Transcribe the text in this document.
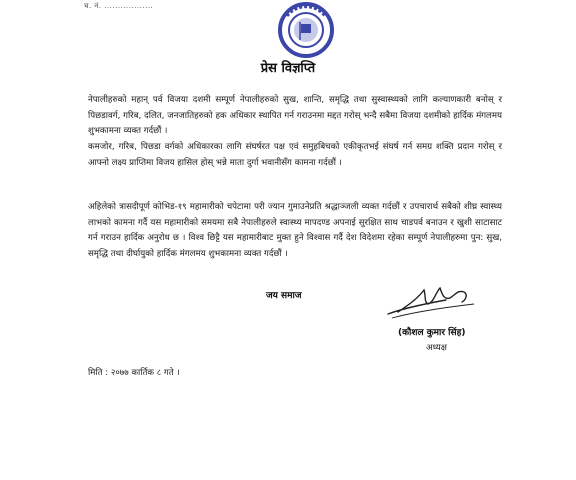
च. नं. ..................
प्रेस विज्ञप्ति
नेपालीहरुको महान् पर्व विजया दशमी सम्पूर्ण नेपालीहरुको सुख, शान्ति, समृद्धि तथा सुस्वास्थ्यको लागि कल्याणकारी बनोस् र पिछडावर्ग, गरिब, दलित, जनजातिहरुको हक अधिकार स्थापित गर्न गराउनमा मद्दत गरोस् भन्दै सबैमा विजया दशमीको हार्दिक मंगलमय शुभकामना व्यक्त गर्दछौं ।
कमजोर, गरिब, पिछडा वर्गको अधिकारका लागि संघर्षरत पक्ष एवं समुहबिचको एकीकृतभई संघर्ष गर्न समग्र शक्ति प्रदान गरोस् र आफ्नो लक्ष्य प्राप्तिमा विजय हासिल होस् भन्ने माता दुर्गा भवानीसँग कामना गर्दछौं ।
अहिलेको त्रासदीपूर्ण कोभिड-१९ महामारीको चपेटामा परी ज्यान गुमाउनेप्रति श्रद्धाञ्जली व्यक्त गर्दछौं र उपचारार्थ सबैको शीघ्र स्वास्थ्य लाभको कामना गर्दै यस महामारीको समयमा सबै नेपालीहरुले स्वास्थ्य मापदण्ड अपनाई सुरक्षित साथ चाडपर्व बनाउन र खुशी साटासाट गर्न गराउन हार्दिक अनुरोध छ । विश्व छिट्टै यस महामारीबाट मुक्त हुने विश्वास गर्दै देश विदेशमा रहेका सम्पूर्ण नेपालीहरुमा पुन: सुख, समृद्धि तथा दीर्घायुको हार्दिक मंगलमय शुभकामना व्यक्त गर्दछौं ।
जय समाज
(कौशल कुमार सिंह)
अध्यक्ष
मिति : २०७७ कार्तिक ८ गते ।
